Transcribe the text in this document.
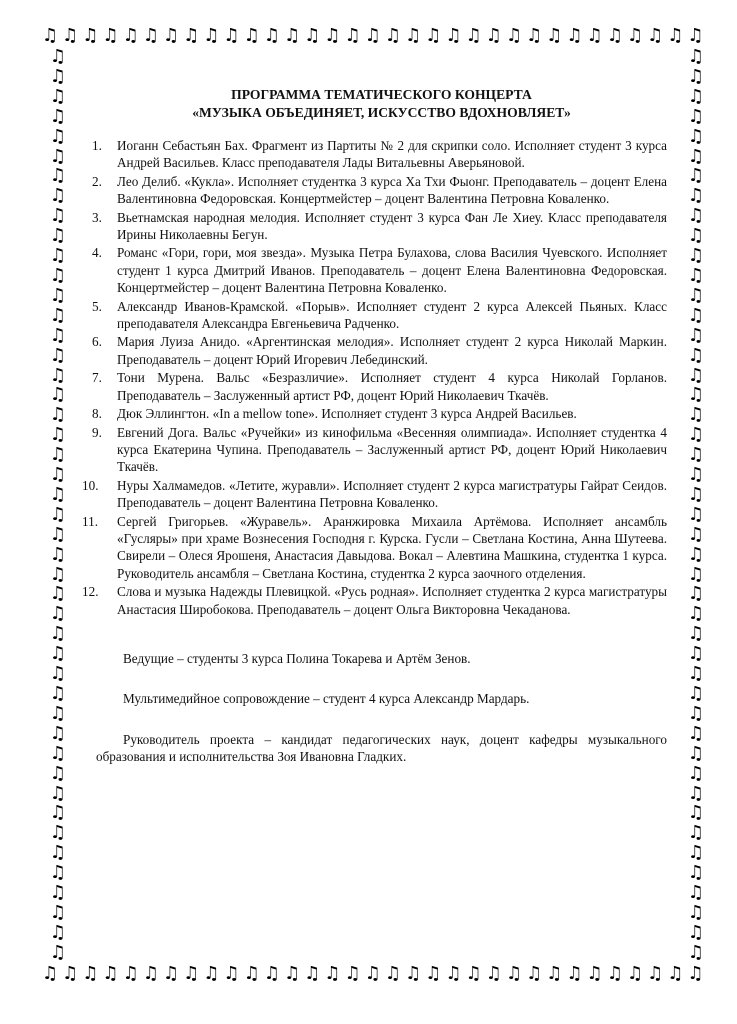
♫ ♫ ♫ ♫ ♫ ♫ ♫ ♫ ♫ ♫ ♫ ♫ ♫ ♫ ♫ ♫ ♫ ♫ ♫ ♫ ♫ ♫ ♫ ♫ ♫ ♫ ♫ ♫ ♫ ♫ ♫ ♫ ♫
♫ ♫ ♫ ♫ ♫ ♫ ♫ ♫ ♫ ♫ ♫ ♫ ♫ ♫ ♫ ♫ ♫ ♫ ♫ ♫ ♫ ♫ ♫ ♫ ♫ ♫ ♫ ♫ ♫ ♫ ♫ ♫ ♫
♫
♫
♫
♫
♫
♫
♫
♫
♫
♫
♫
♫
♫
♫
♫
♫
♫
♫
♫
♫
♫
♫
♫
♫
♫
♫
♫
♫
♫
♫
♫
♫
♫
♫
♫
♫
♫
♫
♫
♫
♫
♫
♫
♫
♫
♫
♫
♫
♫
♫
♫
♫
♫
♫
♫
♫
♫
♫
♫
♫
♫
♫
♫
♫
♫
♫
♫
♫
♫
♫
♫
♫
♫
♫
♫
♫
♫
♫
♫
♫
♫
♫
♫
♫
♫
♫
♫
♫
♫
♫
♫
♫
ПРОГРАММА ТЕМАТИЧЕСКОГО КОНЦЕРТА
«МУЗЫКА ОБЪЕДИНЯЕТ, ИСКУССТВО ВДОХНОВЛЯЕТ»
1.	Иоганн Себастьян Бах. Фрагмент из Партиты № 2 для скрипки соло. Исполняет студент 3 курса Андрей Васильев. Класс преподавателя Лады Витальевны Аверьяновой.
2.	Лео Делиб. «Кукла». Исполняет студентка 3 курса Ха Тхи Фыонг. Преподаватель – доцент Елена Валентиновна Федоровская. Концертмейстер – доцент Валентина Петровна Коваленко.
3.	Вьетнамская народная мелодия. Исполняет студент 3 курса Фан Ле Хиеу. Класс преподавателя Ирины Николаевны Бегун.
4.	Романс «Гори, гори, моя звезда». Музыка Петра Булахова, слова Василия Чуевского. Исполняет студент 1 курса Дмитрий Иванов. Преподаватель – доцент Елена Валентиновна Федоровская. Концертмейстер – доцент Валентина Петровна Коваленко.
5.	Александр Иванов-Крамской. «Порыв». Исполняет студент 2 курса Алексей Пьяных. Класс преподавателя Александра Евгеньевича Радченко.
6.	Мария Луиза Анидо. «Аргентинская мелодия». Исполняет студент 2 курса Николай Маркин. Преподаватель – доцент Юрий Игоревич Лебединский.
7.	Тони Мурена. Вальс «Безразличие». Исполняет студент 4 курса Николай Горланов. Преподаватель – Заслуженный артист РФ, доцент Юрий Николаевич Ткачёв.
8.	Дюк Эллингтон. «In a mellow tone». Исполняет студент 3 курса Андрей Васильев.
9.	Евгений Дога. Вальс «Ручейки» из кинофильма «Весенняя олимпиада». Исполняет студентка 4 курса Екатерина Чупина. Преподаватель – Заслуженный артист РФ, доцент Юрий Николаевич Ткачёв.
10.	Нуры Халмамедов. «Летите, журавли». Исполняет студент 2 курса магистратуры Гайрат Сеидов. Преподаватель – доцент Валентина Петровна Коваленко.
11.	Сергей Григорьев. «Журавель». Аранжировка Михаила Артёмова. Исполняет ансамбль «Гусляры» при храме Вознесения Господня г. Курска. Гусли – Светлана Костина, Анна Шутеева. Свирели – Олеся Ярошеня, Анастасия Давыдова. Вокал – Алевтина Машкина, студентка 1 курса. Руководитель ансамбля – Светлана Костина, студентка 2 курса заочного отделения.
12.	Слова и музыка Надежды Плевицкой. «Русь родная». Исполняет студентка 2 курса магистратуры Анастасия Широбокова. Преподаватель – доцент Ольга Викторовна Чекаданова.

Ведущие – студенты 3 курса Полина Токарева и Артём Зенов.

Мультимедийное сопровождение – студент 4 курса Александр Мардарь.

Руководитель проекта – кандидат педагогических наук, доцент кафедры музыкального образования и исполнительства Зоя Ивановна Гладких.
